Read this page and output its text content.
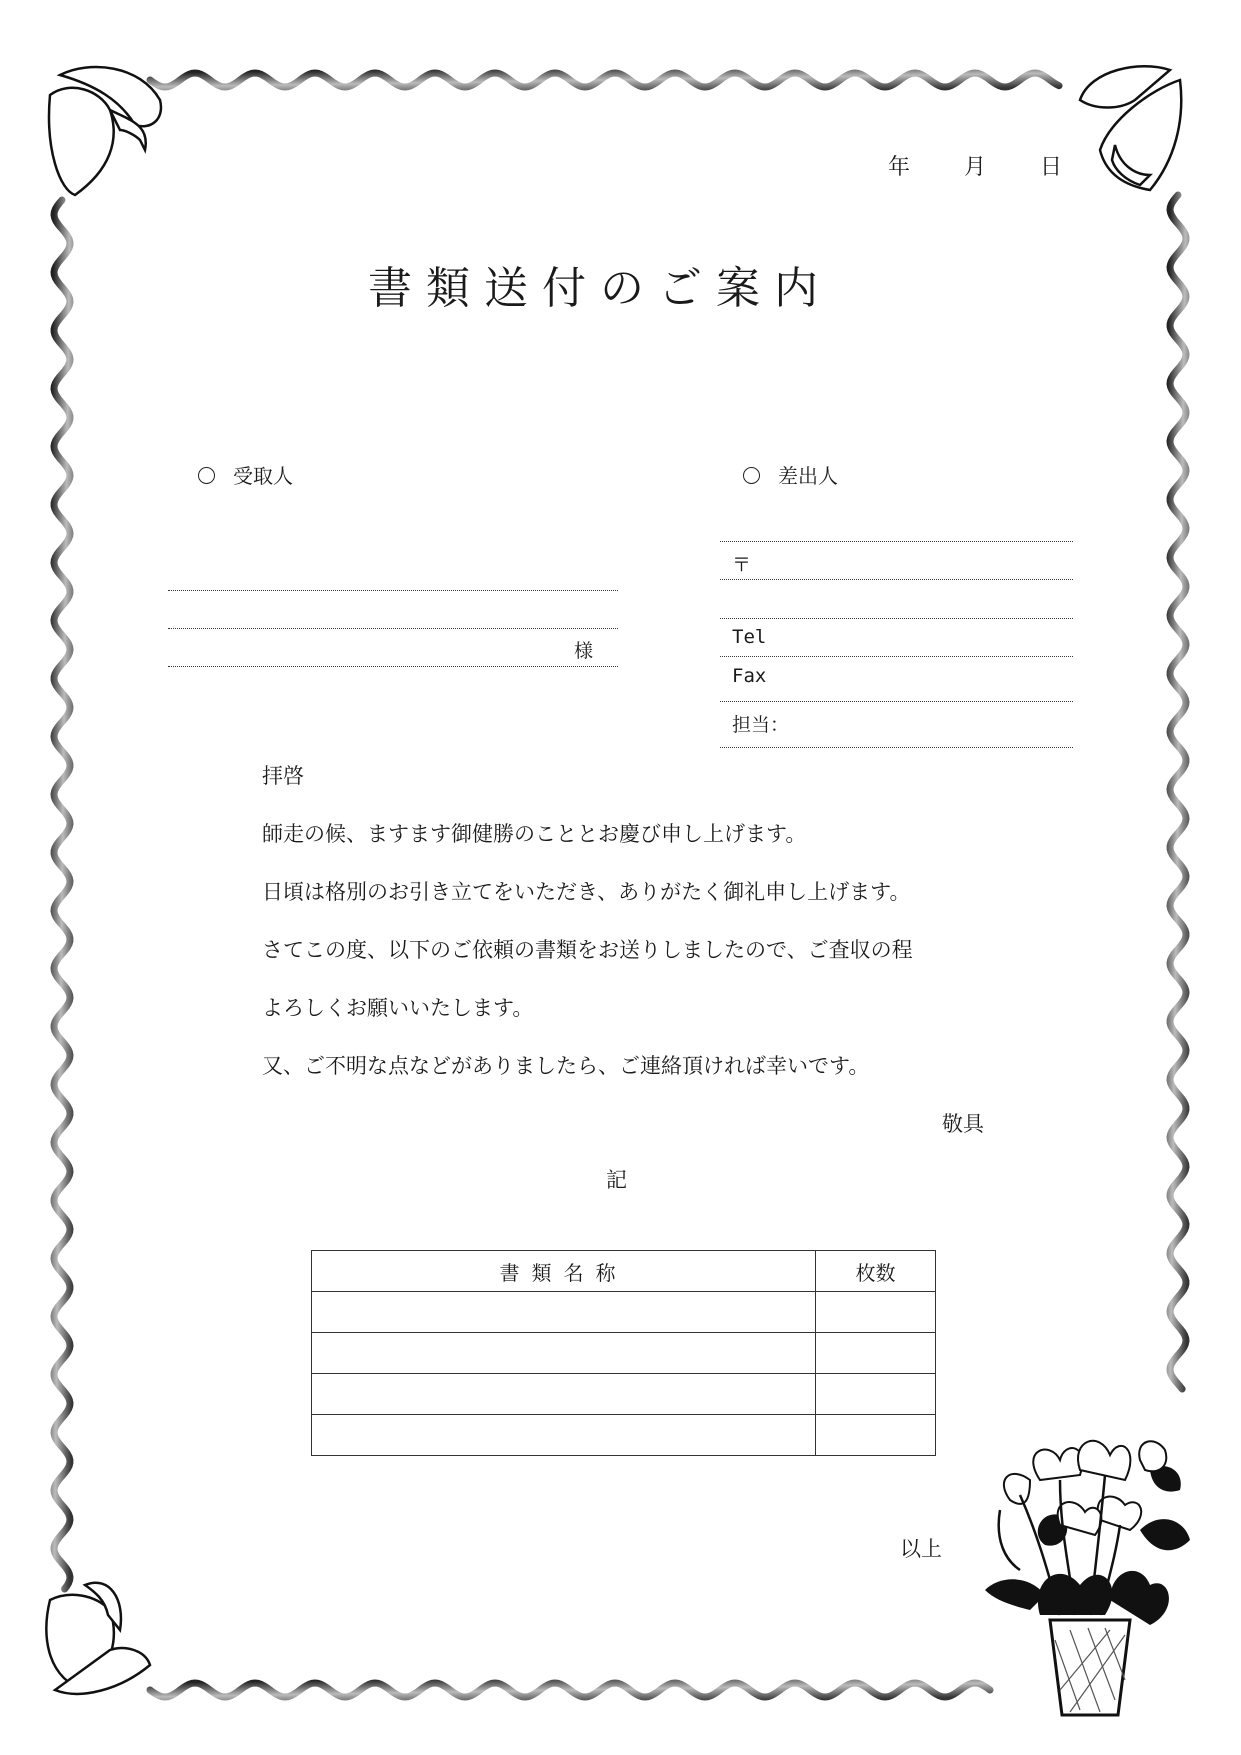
年 月 日
書類送付のご案内
受取人
様
差出人
〒
Tel
Fax
担当：
拝啓
師走の候、ますます御健勝のこととお慶び申し上げます。
日頃は格別のお引き立てをいただき、ありがたく御礼申し上げます。
さてこの度、以下のご依頼の書類をお送りしましたので、ご査収の程
よろしくお願いいたします。
又、ご不明な点などがありましたら、ご連絡頂ければ幸いです。
敬具
記
書類名称	枚数

以上
